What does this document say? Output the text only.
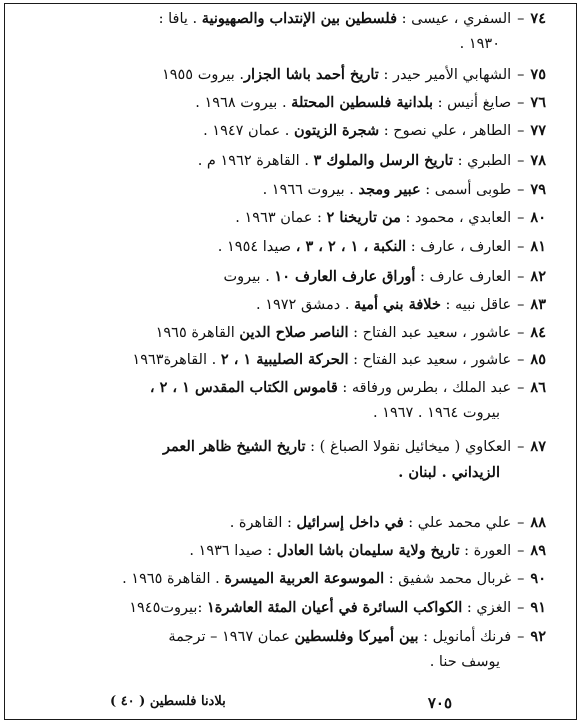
٧٤–السفري ، عيسى : فلسطين بين الإنتداب والصهيونية . يافا :
١٩٣٠ .
٧٥–الشهابي الأمير حيدر : تاريخ أحمد باشا الجزار. بيروت ١٩٥٥
٧٦–صايغ أنيس : بلدانية فلسطين المحتلة . بيروت ١٩٦٨ .
٧٧–الطاهر ، علي نصوح : شجرة الزيتون . عمان ١٩٤٧ .
٧٨–الطبري : تاريخ الرسل والملوك ٣ . القاهرة ١٩٦٢ م .
٧٩–طوبى أسمى : عبير ومجد . بيروت ١٩٦٦ .
٨٠–العابدي ، محمود : من تاريخنا ٢ : عمان ١٩٦٣ .
٨١–العارف ، عارف : النكبة ، ١ ، ٢ ، ٣ ، صيدا ١٩٥٤ .
٨٢–العارف عارف : أوراق عارف العارف ١٠ . بيروت
٨٣–عاقل نبيه : خلافة بني أمية . دمشق ١٩٧٢ .
٨٤–عاشور ، سعيد عبد الفتاح : الناصر صلاح الدين القاهرة ١٩٦٥
٨٥–عاشور ، سعيد عبد الفتاح : الحركة الصليبية ١ ، ٢ . القاهرة١٩٦٣
٨٦–عبد الملك ، بطرس ورفاقه : قاموس الكتاب المقدس ١ ، ٢ ،
بيروت ١٩٦٤ . ١٩٦٧ .
٨٧–العكاوي ( ميخائيل نقولا الصباغ ) : تاريخ الشيخ ظاهر العمر
الزيداني . لبنان .
٨٨–علي محمد علي : في داخل إسرائيل : القاهرة .
٨٩–العورة : تاريخ ولاية سليمان باشا العادل : صيدا ١٩٣٦ .
٩٠–غربال محمد شفيق : الموسوعة العربية الميسرة . القاهرة ١٩٦٥ .
٩١–الغزي : الكواكب السائرة في أعيان المئة العاشرة١ :بيروت١٩٤٥
٩٢–فرنك أمانويل : بين أميركا وفلسطين عمان ١٩٦٧ – ترجمة
يوسف حنا .
٧٠٥
بلادنا فلسطين ( ٤٠ )
